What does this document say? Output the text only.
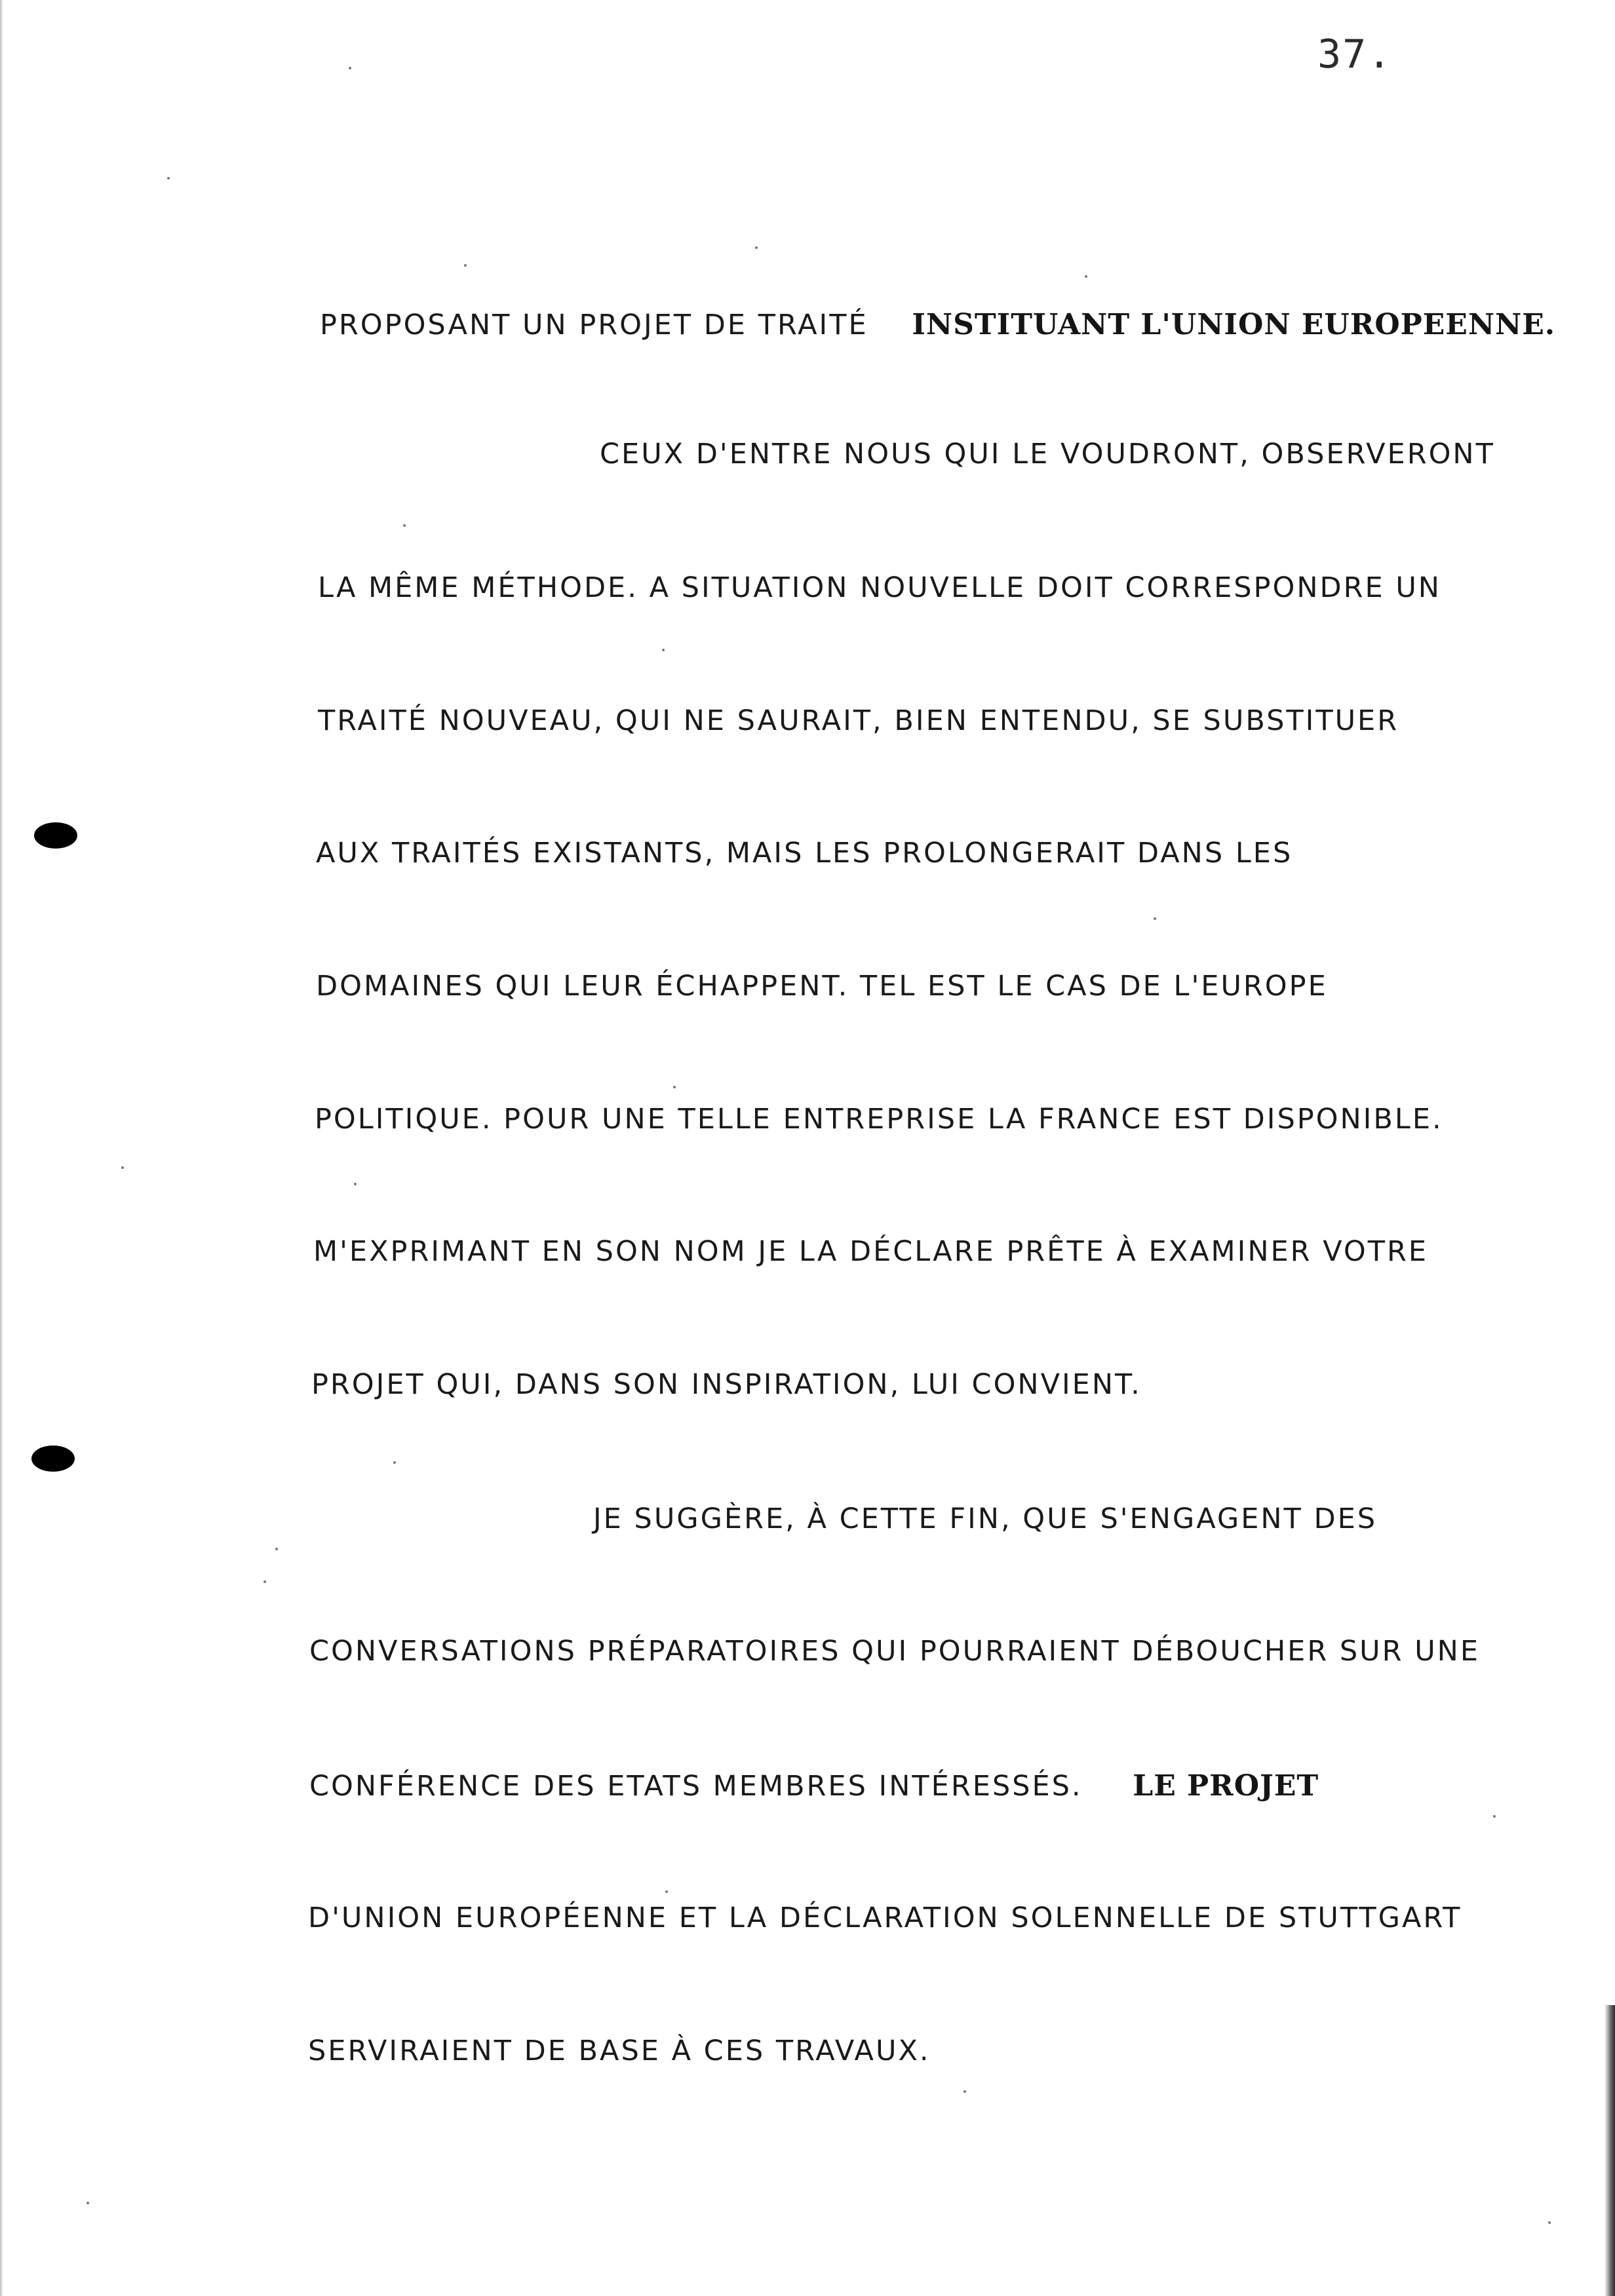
37.
PROPOSANT UN PROJET DE TRAITÉ INSTITUANT L'UNION EUROPEENNE.
CEUX D'ENTRE NOUS QUI LE VOUDRONT, OBSERVERONT
LA MÊME MÉTHODE. A SITUATION NOUVELLE DOIT CORRESPONDRE UN
TRAITÉ NOUVEAU, QUI NE SAURAIT, BIEN ENTENDU, SE SUBSTITUER
AUX TRAITÉS EXISTANTS, MAIS LES PROLONGERAIT DANS LES
DOMAINES QUI LEUR ÉCHAPPENT. TEL EST LE CAS DE L'EUROPE
POLITIQUE. POUR UNE TELLE ENTREPRISE LA FRANCE EST DISPONIBLE.
M'EXPRIMANT EN SON NOM JE LA DÉCLARE PRÊTE À EXAMINER VOTRE
PROJET QUI, DANS SON INSPIRATION, LUI CONVIENT.
JE SUGGÈRE, À CETTE FIN, QUE S'ENGAGENT DES
CONVERSATIONS PRÉPARATOIRES QUI POURRAIENT DÉBOUCHER SUR UNE
CONFÉRENCE DES ETATS MEMBRES INTÉRESSÉS. LE PROJET
D'UNION EUROPÉENNE ET LA DÉCLARATION SOLENNELLE DE STUTTGART
SERVIRAIENT DE BASE À CES TRAVAUX.
